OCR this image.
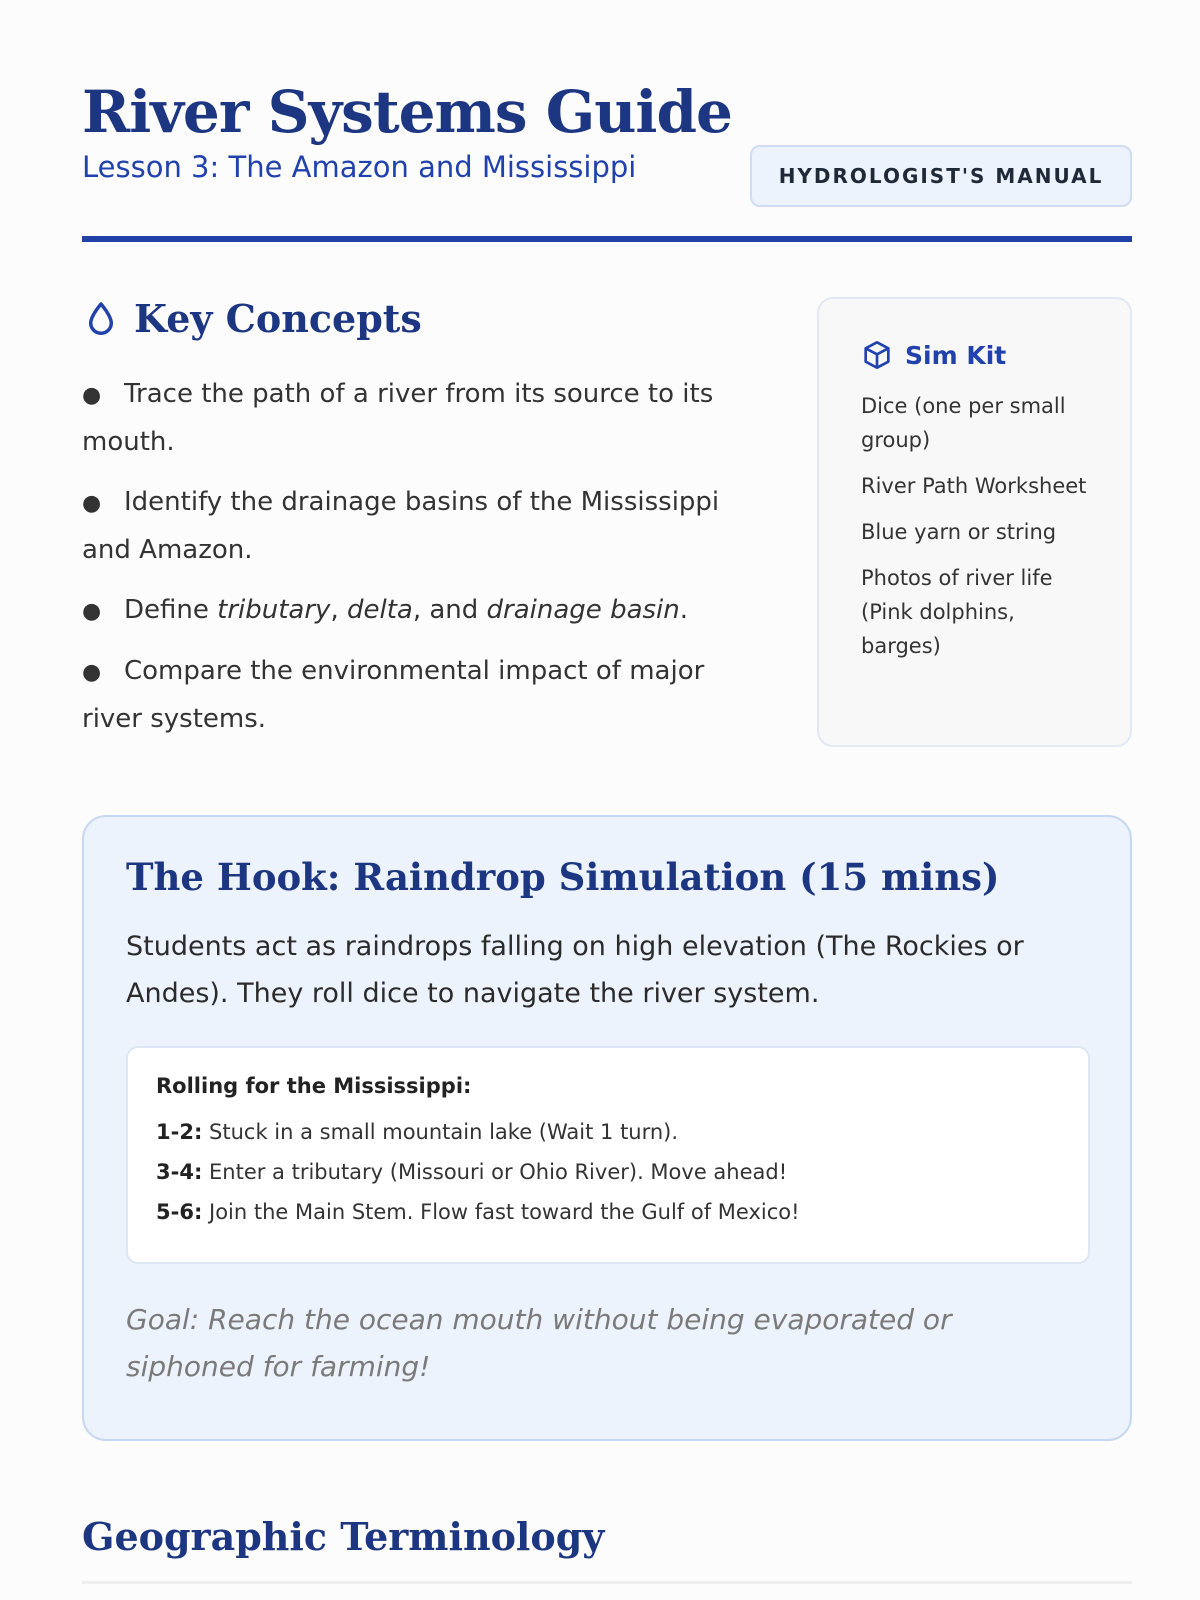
River Systems Guide
Lesson 3: The Amazon and Mississippi	HYDROLOGIST'S MANUAL
Key Concepts
● Trace the path of a river from its source to its mouth.
● Identify the drainage basins of the Mississippi and Amazon.
● Define tributary, delta, and drainage basin.
● Compare the environmental impact of major river systems.
Sim Kit
Dice (one per small group)
River Path Worksheet
Blue yarn or string
Photos of river life (Pink dolphins, barges)
The Hook: Raindrop Simulation (15 mins)
Students act as raindrops falling on high elevation (The Rockies or Andes). They roll dice to navigate the river system.
Rolling for the Mississippi:
1-2: Stuck in a small mountain lake (Wait 1 turn).
3-4: Enter a tributary (Missouri or Ohio River). Move ahead!
5-6: Join the Main Stem. Flow fast toward the Gulf of Mexico!
Goal: Reach the ocean mouth without being evaporated or siphoned for farming!
Geographic Terminology
